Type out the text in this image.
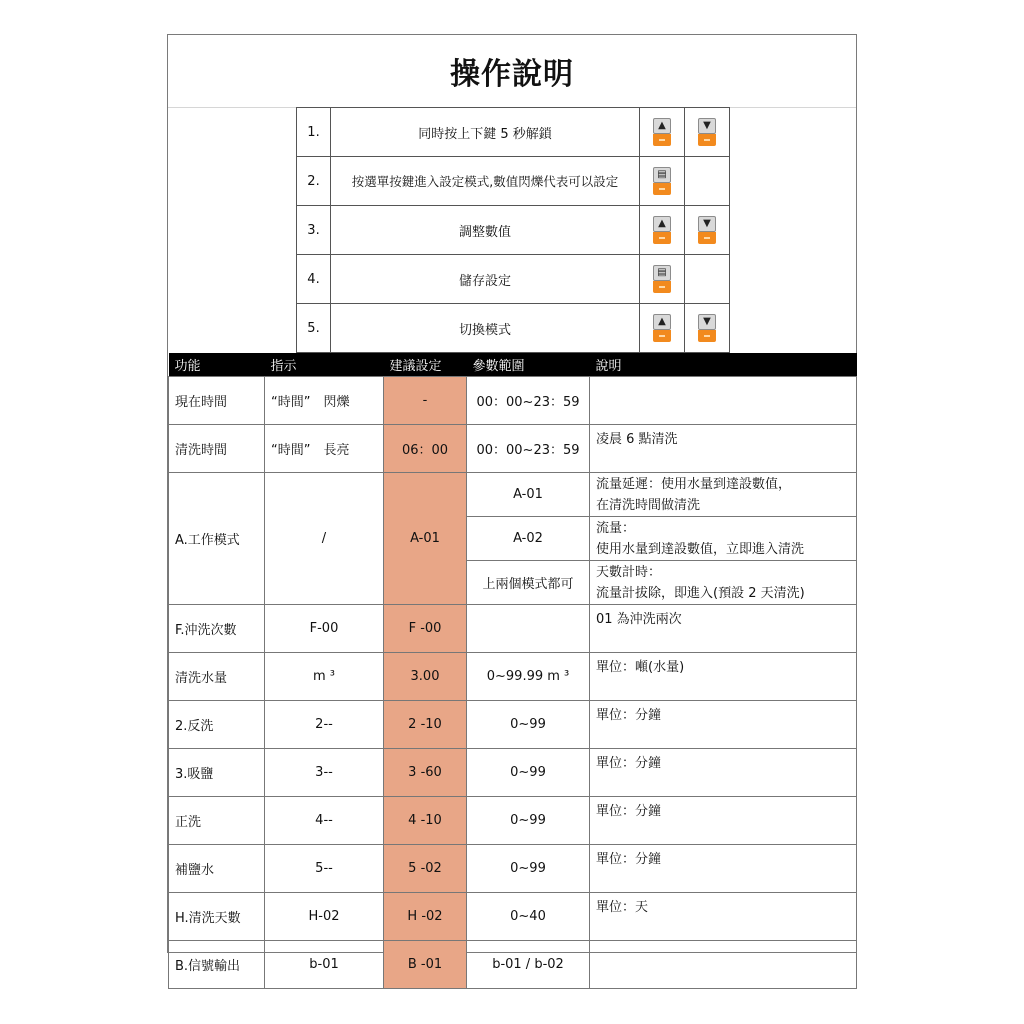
操作說明
1.	同時按上下鍵 5 秒解鎖	▲	▼

2.	按選單按鍵進入設定模式,數值閃爍代表可以設定	▤	

3.	調整數值	▲	▼

4.	儲存設定	▤	

5.	切換模式	▲	▼
功能	指示	建議設定	參數範圍	說明
現在時間	“時間”　閃爍	-	00：00~23：59	
清洗時間	“時間”　長亮	06：00	00：00~23：59	凌晨 6 點清洗
A.工作模式	/	A-01	A-01	流量延遲：使用水量到達設數值，
在清洗時間做清洗

			A-02	流量：
使用水量到達設數值，立即進入清洗

			上兩個模式都可	天數計時：
流量計拔除，即進入(預設 2 天清洗)

F.沖洗次數	F-00	F -00		01 為沖洗兩次
清洗水量	m ³	3.00	0~99.99 m ³	單位：噸(水量)
2.反洗	2--	2 -10	0~99	單位：分鐘
3.吸鹽	3--	3 -60	0~99	單位：分鐘
正洗	4--	4 -10	0~99	單位：分鐘
補鹽水	5--	5 -02	0~99	單位：分鐘
H.清洗天數	H-02	H -02	0~40	單位：天
B.信號輸出	b-01	B -01	b-01 / b-02	
